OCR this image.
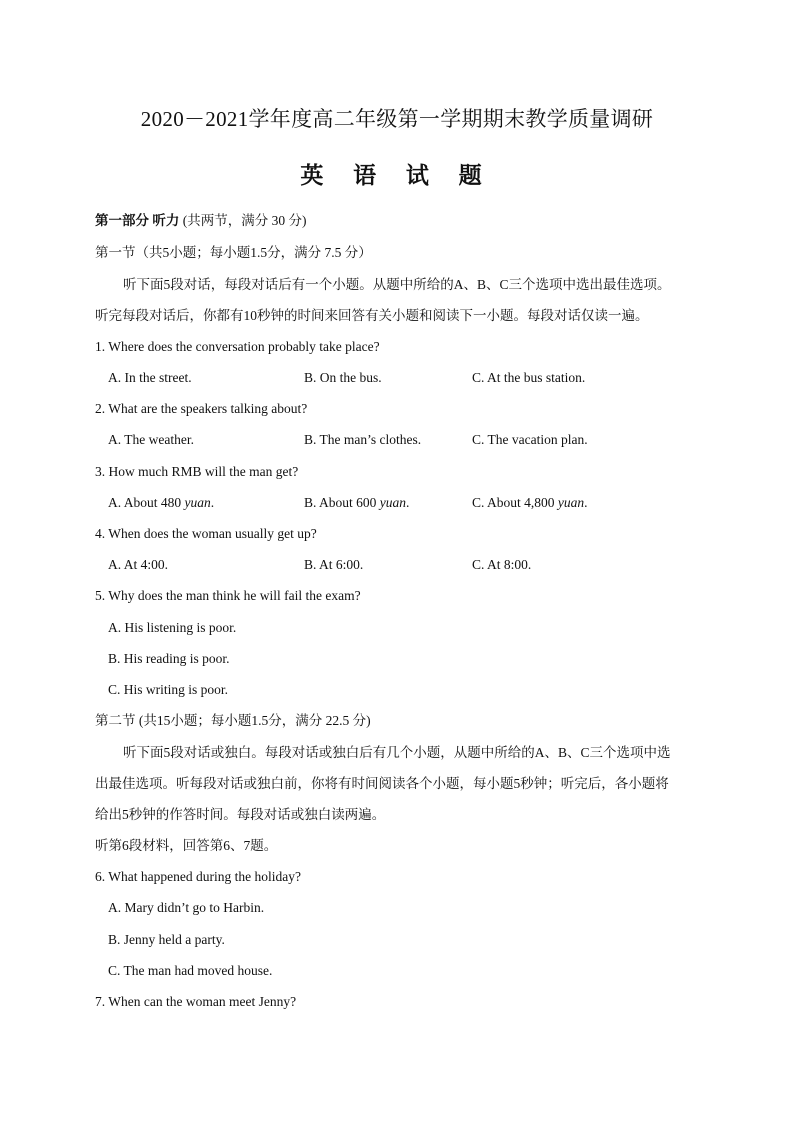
2020－2021学年度高二年级第一学期期末教学质量调研
英 语 试 题
第一部分 听力 (共两节，满分 30 分)
第一节（共5小题；每小题1.5分，满分 7.5 分）
听下面5段对话，每段对话后有一个小题。从题中所给的A、B、C三个选项中选出最佳选项。
听完每段对话后，你都有10秒钟的时间来回答有关小题和阅读下一小题。每段对话仅读一遍。
1. Where does the conversation probably take place?
A. In the street.	B. On the bus.	C. At the bus station.
2. What are the speakers talking about?
A. The weather.	B. The man’s clothes.	C. The vacation plan.
3. How much RMB will the man get?
A. About 480 yuan.	B. About 600 yuan.	C. About 4,800 yuan.
4. When does the woman usually get up?
A. At 4:00.	B. At 6:00.	C. At 8:00.
5. Why does the man think he will fail the exam?
A. His listening is poor.
B. His reading is poor.
C. His writing is poor.
第二节 (共15小题；每小题1.5分，满分 22.5 分)
听下面5段对话或独白。每段对话或独白后有几个小题，从题中所给的A、B、C三个选项中选
出最佳选项。听每段对话或独白前，你将有时间阅读各个小题，每小题5秒钟；听完后，各小题将
给出5秒钟的作答时间。每段对话或独白读两遍。
听第6段材料，回答第6、7题。
6. What happened during the holiday?
A. Mary didn’t go to Harbin.
B. Jenny held a party.
C. The man had moved house.
7. When can the woman meet Jenny?
